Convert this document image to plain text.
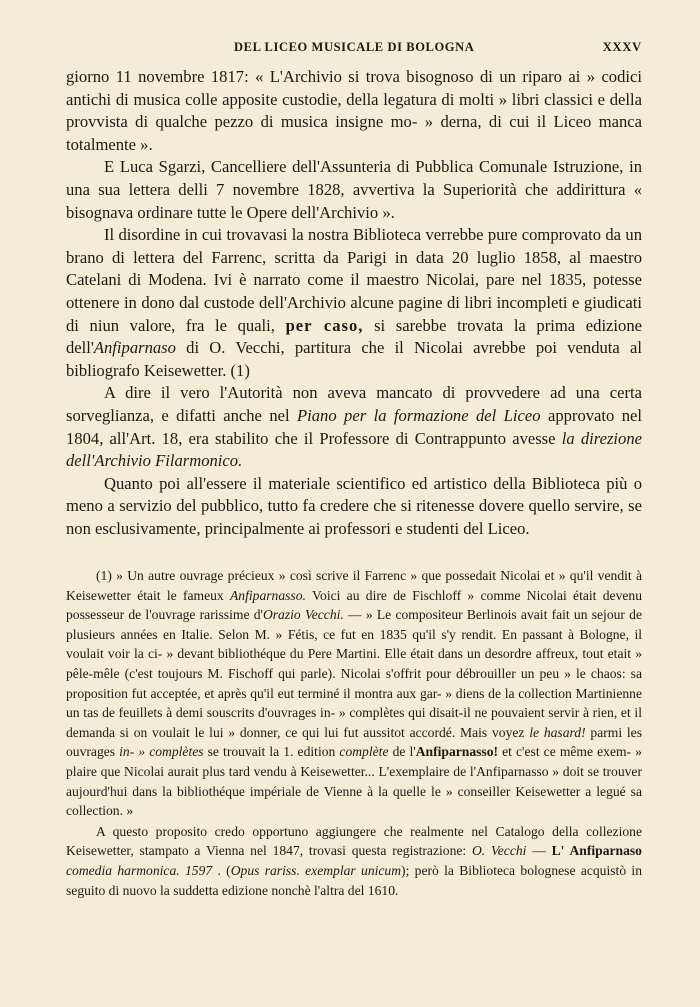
DEL LICEO MUSICALE DI BOLOGNA	XXXV

giorno 11 novembre 1817: « L'Archivio si trova bisognoso di un riparo ai » codici antichi di musica colle apposite custodie, della legatura di molti » libri classici e della provvista di qualche pezzo di musica insigne mo- » derna, di cui il Liceo manca totalmente ».

E Luca Sgarzi, Cancelliere dell'Assunteria di Pubblica Comunale Istruzione, in una sua lettera delli 7 novembre 1828, avvertiva la Superiorità che addirittura « bisognava ordinare tutte le Opere dell'Archivio ».

Il disordine in cui trovavasi la nostra Biblioteca verrebbe pure comprovato da un brano di lettera del Farrenc, scritta da Parigi in data 20 luglio 1858, al maestro Catelani di Modena. Ivi è narrato come il maestro Nicolai, pare nel 1835, potesse ottenere in dono dal custode dell'Archivio alcune pagine di libri incompleti e giudicati di niun valore, fra le quali, per caso, si sarebbe trovata la prima edizione dell'Anfiparnaso di O. Vecchi, partitura che il Nicolai avrebbe poi venduta al bibliografo Keisewetter. (1)

A dire il vero l'Autorità non aveva mancato di provvedere ad una certa sorveglianza, e difatti anche nel Piano per la formazione del Liceo approvato nel 1804, all'Art. 18, era stabilito che il Professore di Contrappunto avesse la direzione dell'Archivio Filarmonico.

Quanto poi all'essere il materiale scientifico ed artistico della Biblioteca più o meno a servizio del pubblico, tutto fa credere che si ritenesse dovere quello servire, se non esclusivamente, principalmente ai professori e studenti del Liceo.

(1) » Un autre ouvrage précieux » così scrive il Farrenc » que possedait Nicolai et » qu'il vendit à Keisewetter était le fameux Anfiparnasso. Voici au dire de Fischloff » comme Nicolai était devenu possesseur de l'ouvrage rarissime d'Orazio Vecchi. — » Le compositeur Berlinois avait fait un sejour de plusieurs années en Italie. Selon M. » Fétis, ce fut en 1835 qu'il s'y rendit. En passant à Bologne, il voulait voir la ci- » devant bibliothéque du Pere Martini. Elle était dans un desordre affreux, tout etait » pêle-mêle (c'est toujours M. Fischoff qui parle). Nicolai s'offrit pour débrouiller un peu » le chaos: sa proposition fut acceptée, et après qu'il eut terminé il montra aux gar- » diens de la collection Martinienne un tas de feuillets à demi souscrits d'ouvrages in- » complètes qui disait-il ne pouvaient servir à rien, et il demanda si on voulait le lui » donner, ce qui lui fut aussitot accordé. Mais voyez le hasard! parmi les ouvrages in- » complètes se trouvait la 1. edition complète de l'Anfiparnasso! et c'est ce même exem- » plaire que Nicolai aurait plus tard vendu à Keisewetter... L'exemplaire de l'Anfiparnasso » doit se trouver aujourd'hui dans la bibliothéque impériale de Vienne à la quelle le » conseiller Keisewetter a legué sa collection. »

A questo proposito credo opportuno aggiungere che realmente nel Catalogo della collezione Keisewetter, stampato a Vienna nel 1847, trovasi questa registrazione: O. Vecchi — L' Anfiparnaso comedia harmonica. 1597 . (Opus rariss. exemplar unicum); però la Biblioteca bolognese acquistò in seguito di nuovo la suddetta edizione nonchè l'altra del 1610.
